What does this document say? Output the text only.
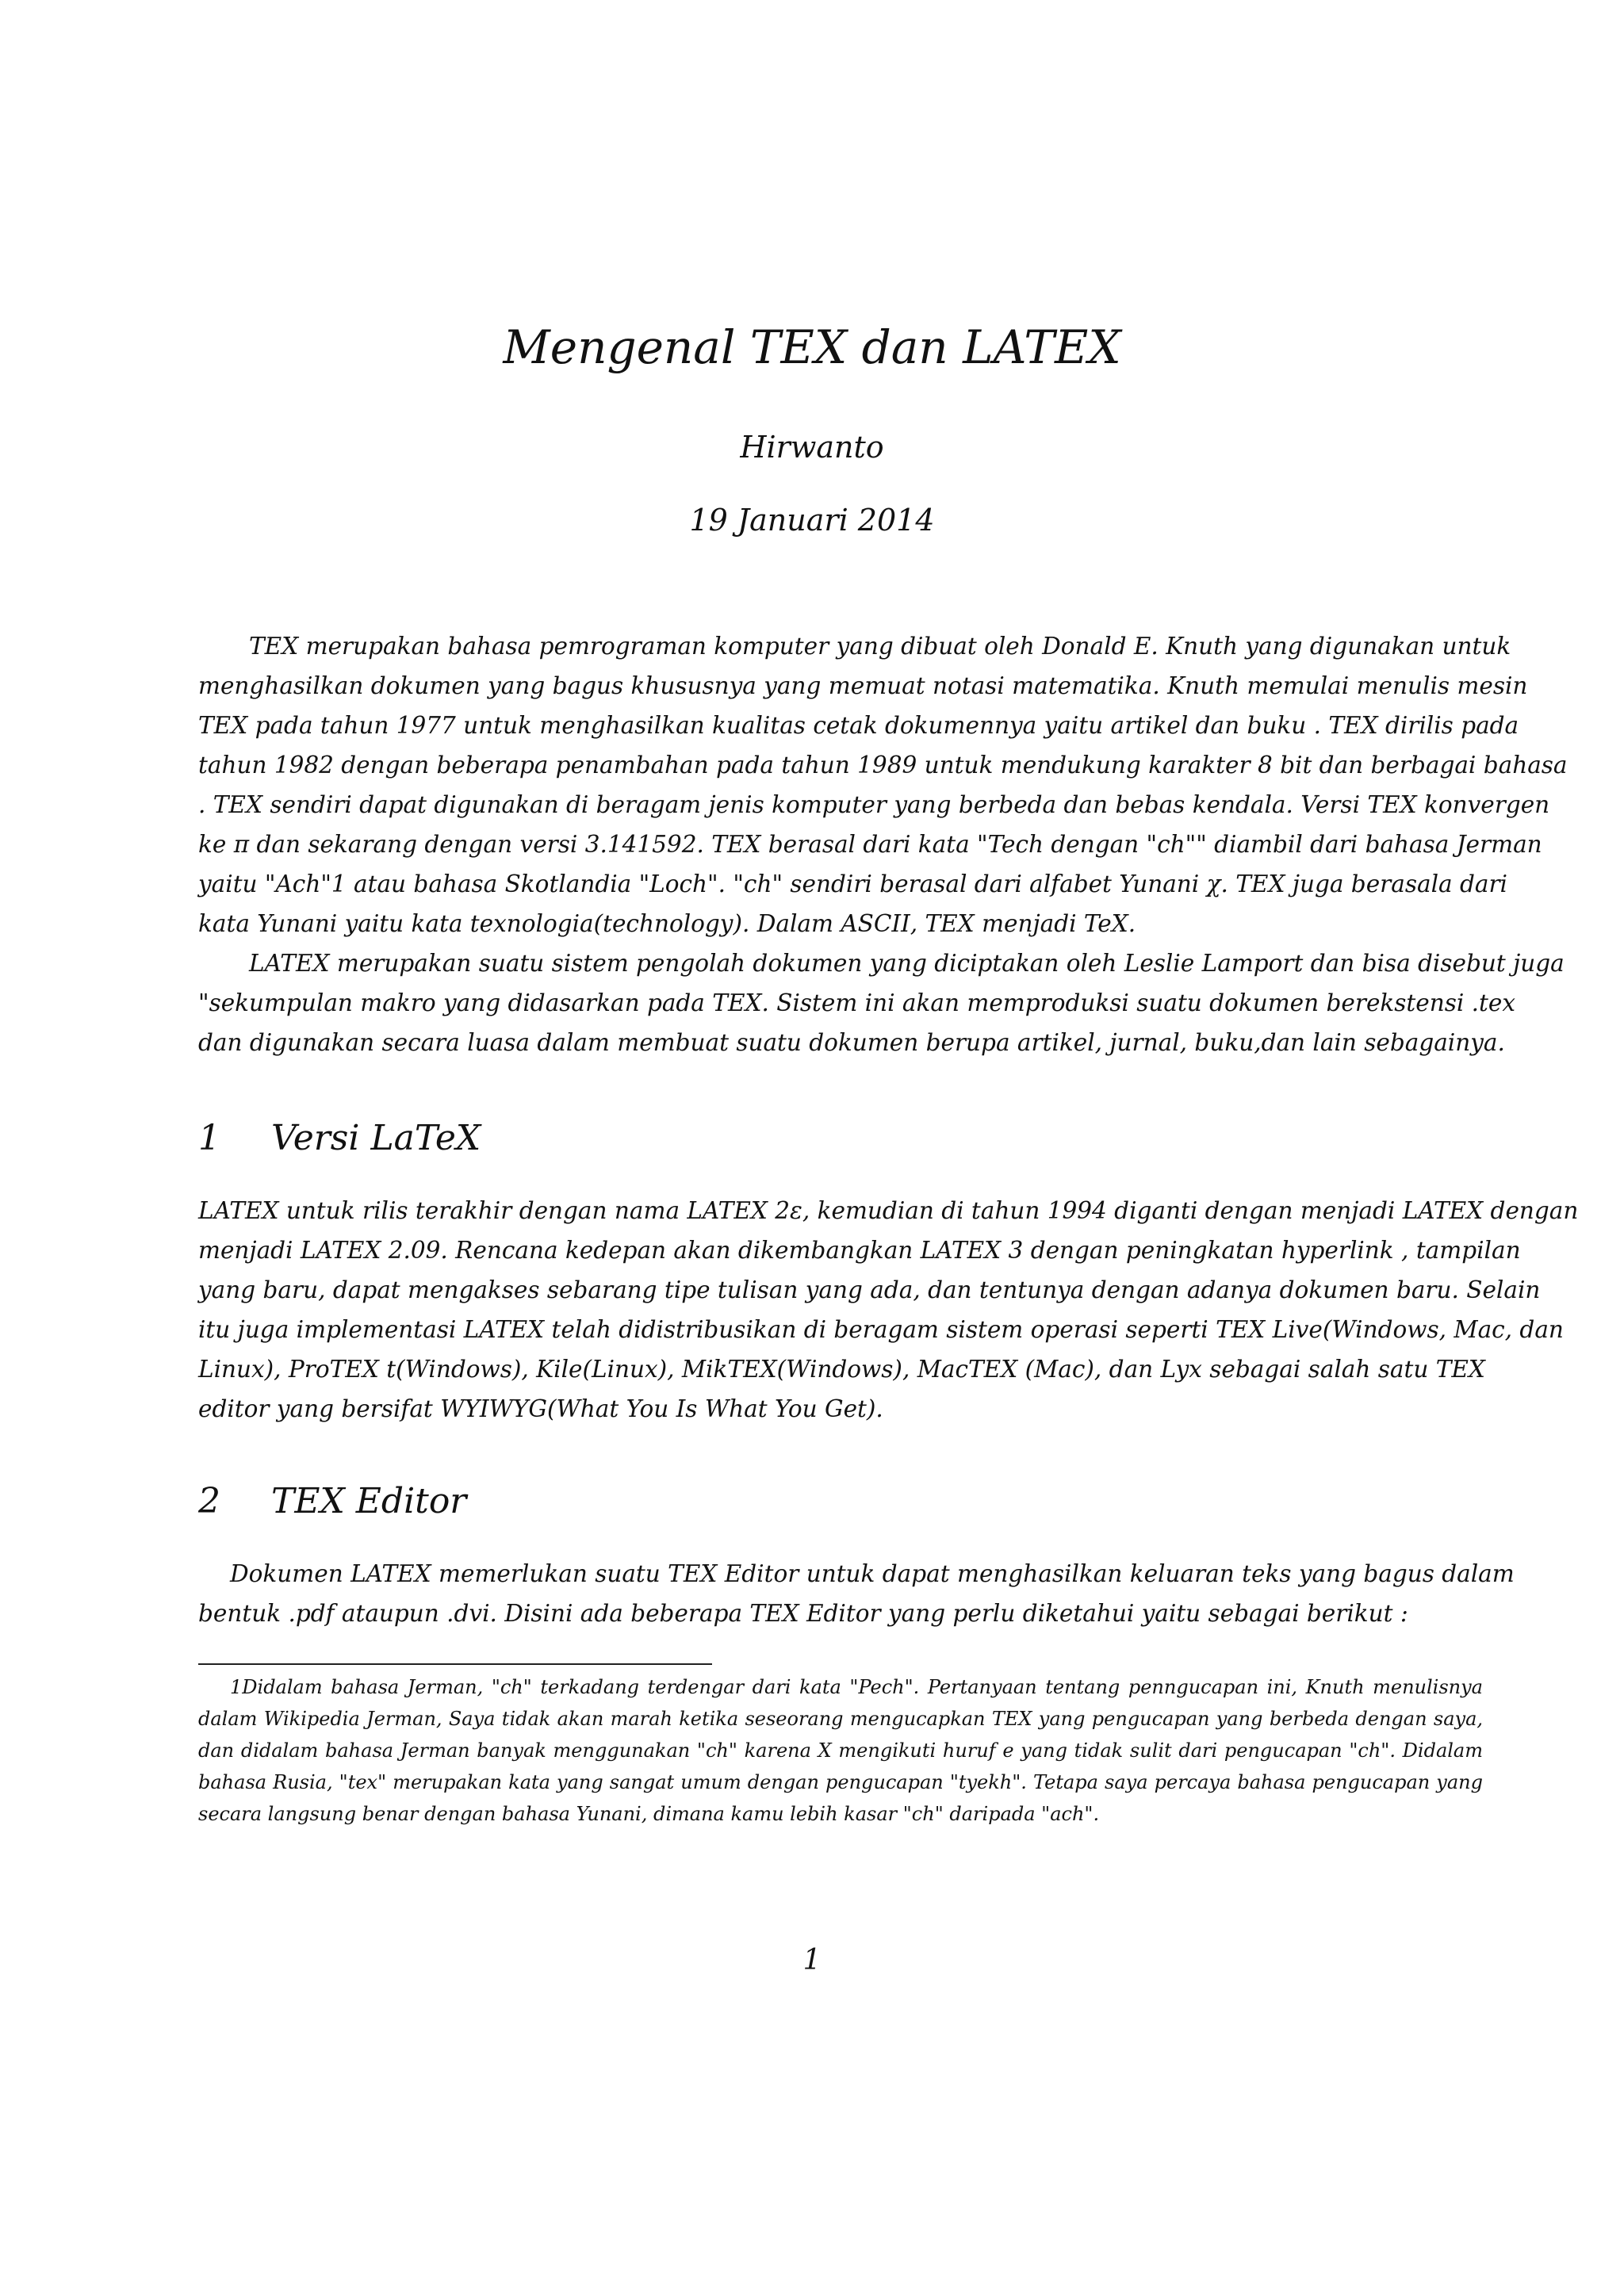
Mengenal TEX dan LATEX
Hirwanto
19 Januari 2014
TEX merupakan bahasa pemrograman komputer yang dibuat oleh Donald E. Knuth yang digunakan untuk
menghasilkan dokumen yang bagus khususnya yang memuat notasi matematika. Knuth memulai menulis mesin
TEX pada tahun 1977 untuk menghasilkan kualitas cetak dokumennya yaitu artikel dan buku . TEX dirilis pada
tahun 1982 dengan beberapa penambahan pada tahun 1989 untuk mendukung karakter 8 bit dan berbagai bahasa
. TEX sendiri dapat digunakan di beragam jenis komputer yang berbeda dan bebas kendala. Versi TEX konvergen
ke π dan sekarang dengan versi 3.141592. TEX berasal dari kata "Tech dengan "ch"" diambil dari bahasa Jerman
yaitu "Ach"1 atau bahasa Skotlandia "Loch". "ch" sendiri berasal dari alfabet Yunani χ. TEX juga berasala dari
kata Yunani yaitu kata texnologia(technology). Dalam ASCII, TEX menjadi TeX.
LATEX merupakan suatu sistem pengolah dokumen yang diciptakan oleh Leslie Lamport dan bisa disebut juga
"sekumpulan makro yang didasarkan pada TEX. Sistem ini akan memproduksi suatu dokumen berekstensi .tex
dan digunakan secara luasa dalam membuat suatu dokumen berupa artikel, jurnal, buku,dan lain sebagainya.
1 Versi LaTeX
LATEX untuk rilis terakhir dengan nama LATEX 2ε, kemudian di tahun 1994 diganti dengan menjadi LATEX dengan
menjadi LATEX 2.09. Rencana kedepan akan dikembangkan LATEX 3 dengan peningkatan hyperlink , tampilan
yang baru, dapat mengakses sebarang tipe tulisan yang ada, dan tentunya dengan adanya dokumen baru. Selain
itu juga implementasi LATEX telah didistribusikan di beragam sistem operasi seperti TEX Live(Windows, Mac, dan
Linux), ProTEX t(Windows), Kile(Linux), MikTEX(Windows), MacTEX (Mac), dan Lyx sebagai salah satu TEX
editor yang bersifat WYIWYG(What You Is What You Get).
2 TEX Editor
Dokumen LATEX memerlukan suatu TEX Editor untuk dapat menghasilkan keluaran teks yang bagus dalam
bentuk .pdf ataupun .dvi. Disini ada beberapa TEX Editor yang perlu diketahui yaitu sebagai berikut :
1Didalam bahasa Jerman, "ch" terkadang terdengar dari kata "Pech". Pertanyaan tentang penngucapan ini, Knuth menulisnya
dalam Wikipedia Jerman, Saya tidak akan marah ketika seseorang mengucapkan TEX yang pengucapan yang berbeda dengan saya,
dan didalam bahasa Jerman banyak menggunakan "ch" karena X mengikuti huruf e yang tidak sulit dari pengucapan "ch". Didalam
bahasa Rusia, "tex" merupakan kata yang sangat umum dengan pengucapan "tyekh". Tetapa saya percaya bahasa pengucapan yang
secara langsung benar dengan bahasa Yunani, dimana kamu lebih kasar "ch" daripada "ach".
1
